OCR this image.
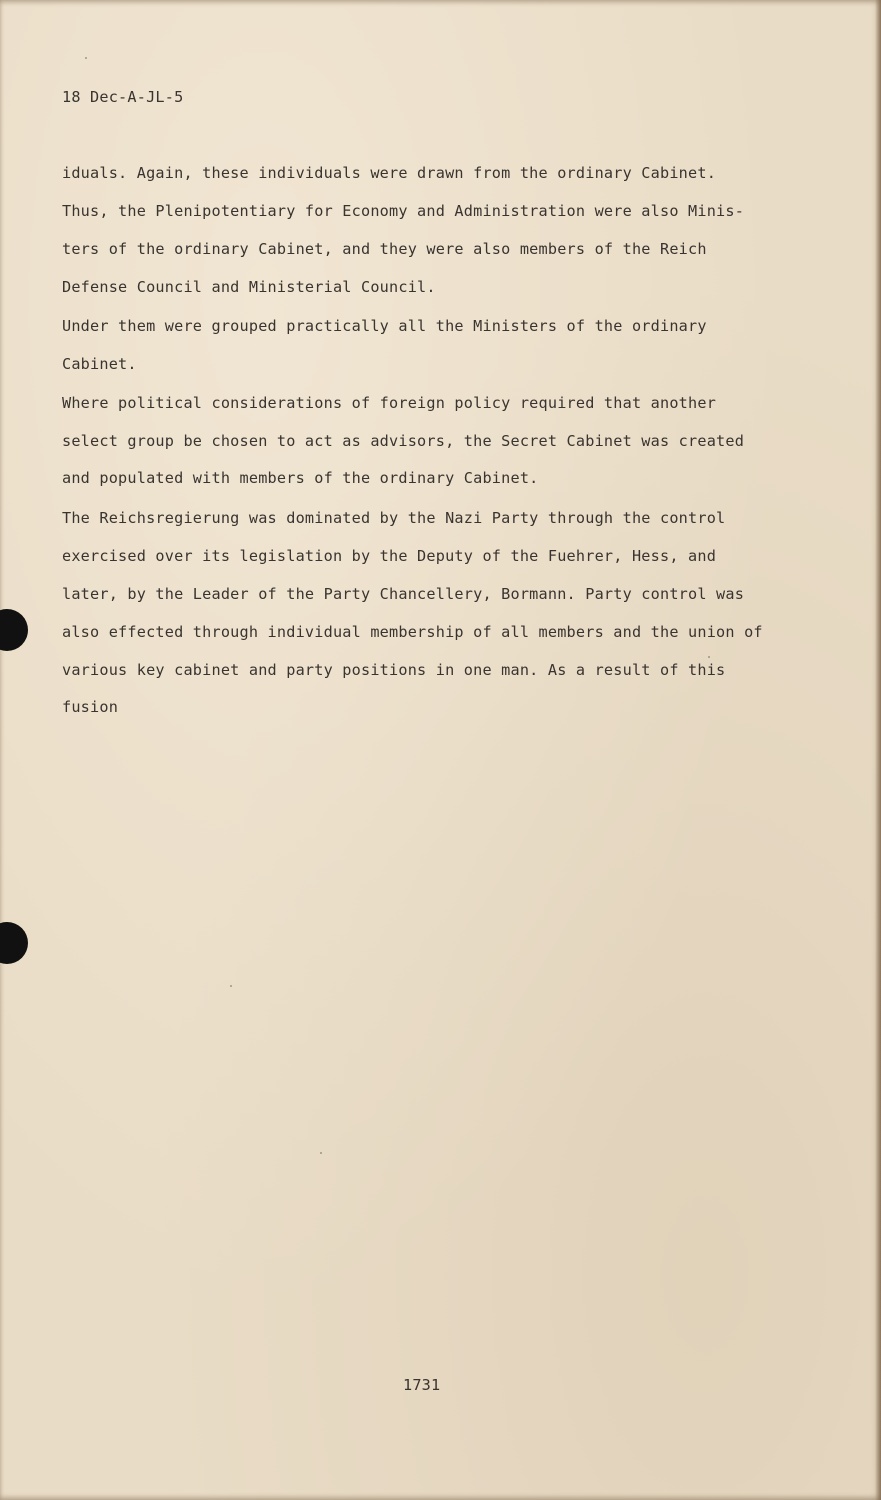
18 Dec-A-JL-5
iduals. Again, these individuals were drawn from the ordinary Cabinet.
Thus, the Plenipotentiary for Economy and Administration were also Minis-
ters of the ordinary Cabinet, and they were also members of the Reich
Defense Council and Ministerial Council.
Under them were grouped practically all the Ministers of the ordinary
Cabinet.
Where political considerations of foreign policy required that another
select group be chosen to act as advisors, the Secret Cabinet was created
and populated with members of the ordinary Cabinet.
The Reichsregierung was dominated by the Nazi Party through the control
exercised over its legislation by the Deputy of the Fuehrer, Hess, and
later, by the Leader of the Party Chancellery, Bormann. Party control was
also effected through individual membership of all members and the union of
various key cabinet and party positions in one man. As a result of this
fusion
1731
